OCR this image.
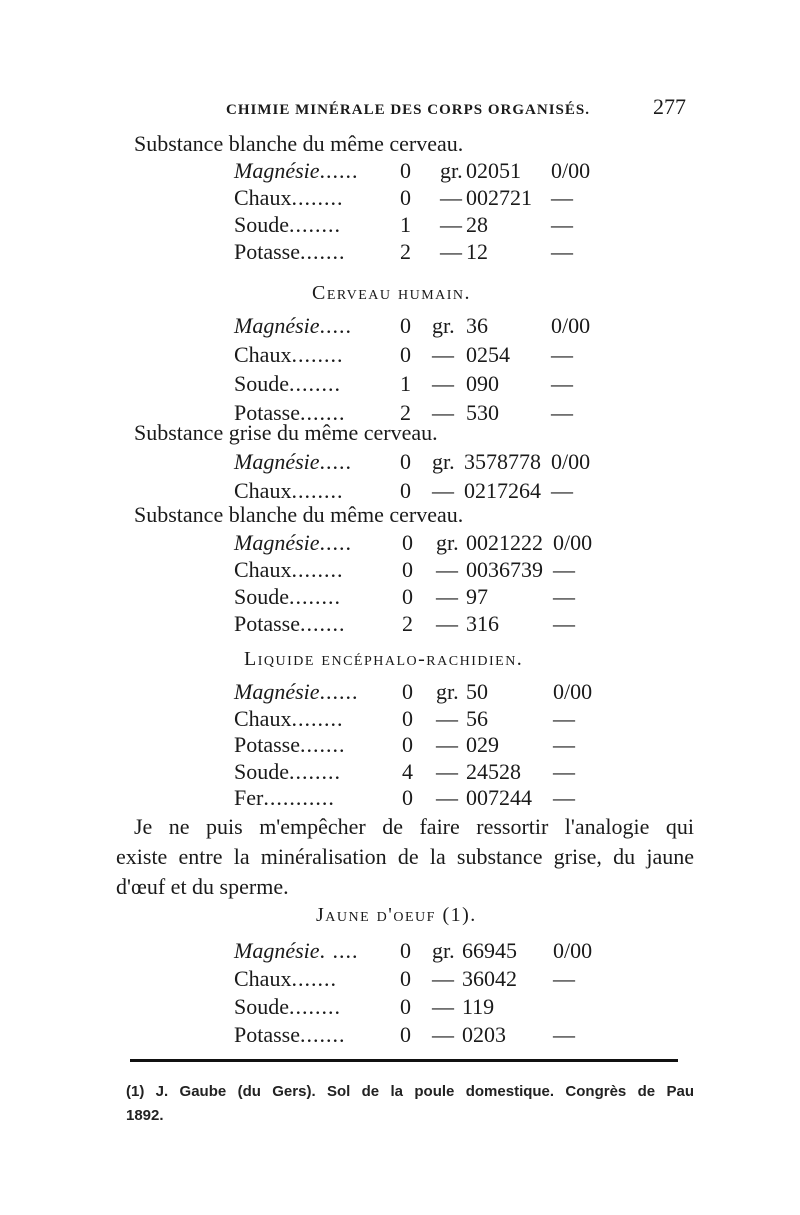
CHIMIE MINÉRALE DES CORPS ORGANISÉS.	277
Substance blanche du même cerveau.
Magnésie...... 0 gr. 02051 0/00
Chaux........	0 — 002721 —
Soude........	1 — 28	—
Potasse....... 2 — 12	—
Cerveau humain.
Magnésie..... 0 gr. 36	0/00
Chaux........	0 — 0254 —
Soude........	1 — 090 —
Potasse....... 2 — 530 —
Substance grise du même cerveau.
Magnésie..... 0 gr. 3578778 0/00
Chaux........	0 — 0217264 —
Substance blanche du même cerveau.
Magnésie..... 0 gr. 0021222 0/00
Chaux........	0 — 0036739 —
Soude........	0 — 97	—
Potasse.......	2 — 316 —
Liquide encéphalo-rachidien.
Magnésie...... 0 gr. 50	0/00
Chaux........	0 — 56	—
Potasse.......	0 — 029 —
Soude........	4 — 24528 —
Fer...........	0 — 007244 —
Je ne puis m'empêcher de faire ressortir l'analogie qui
existe entre la minéralisation de la substance grise, du jaune
d'œuf et du sperme.
Jaune d'oeuf (1).
Magnésie. .... 0 gr. 66945 0/00
Chaux.......	0 — 36042 —
Soude........	0 — 119
Potasse....... 0 — 0203 —
(1) J. Gaube (du Gers). Sol de la poule domestique. Congrès de Pau
1892.
